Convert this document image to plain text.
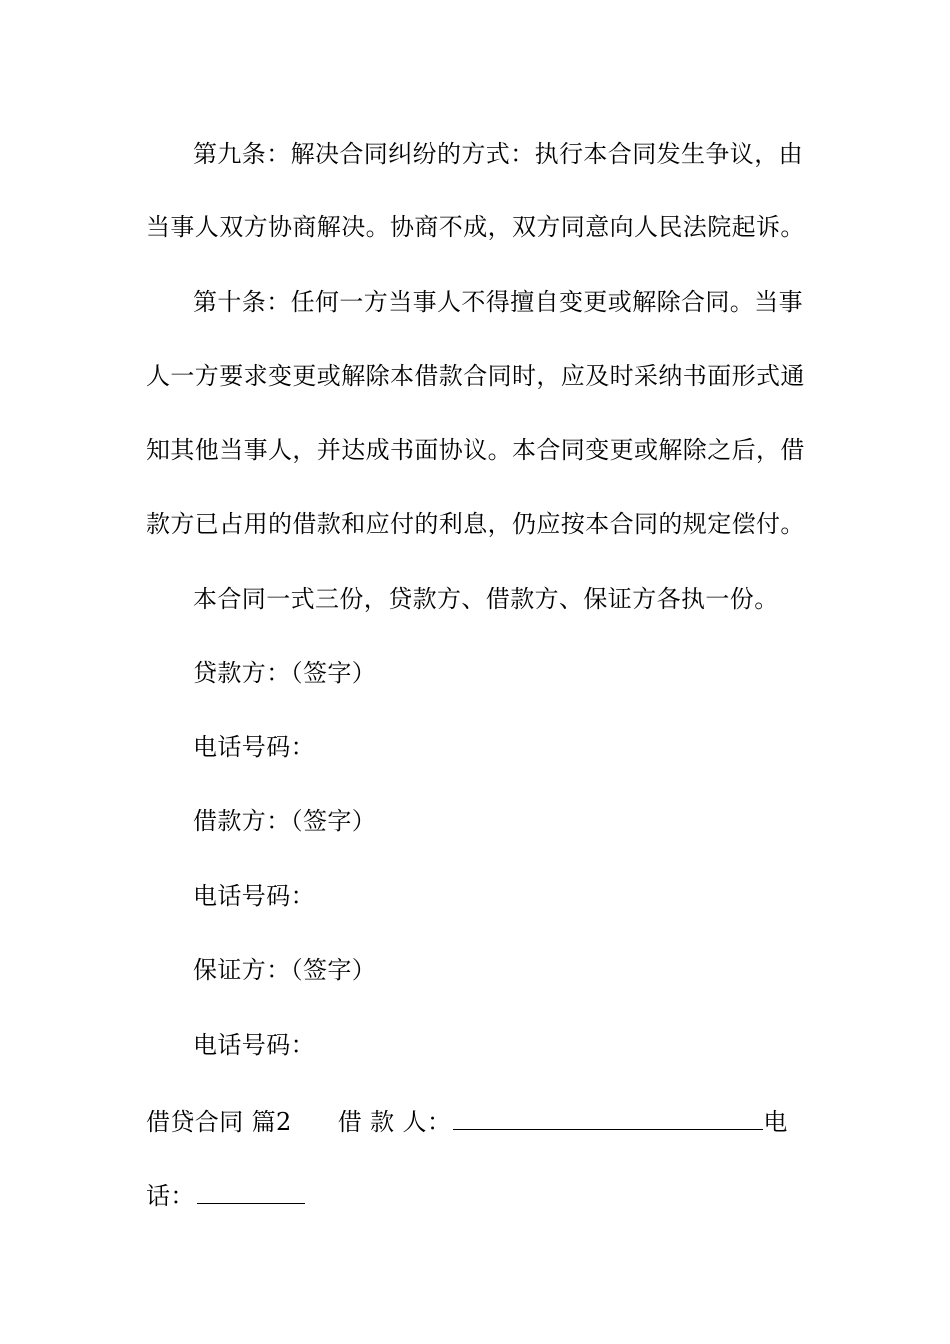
第九条：解决合同纠纷的方式：执行本合同发生争议，由
当事人双方协商解决。协商不成，双方同意向人民法院起诉。
第十条：任何一方当事人不得擅自变更或解除合同。当事
人一方要求变更或解除本借款合同时，应及时采纳书面形式通
知其他当事人，并达成书面协议。本合同变更或解除之后，借
款方已占用的借款和应付的利息，仍应按本合同的规定偿付。
本合同一式三份，贷款方、借款方、保证方各执一份。
贷款方：（签字）
电话号码：
借款方：（签字）
电话号码：
保证方：（签字）
电话号码：
借贷合同 篇2 借 款 人：	电
话：
